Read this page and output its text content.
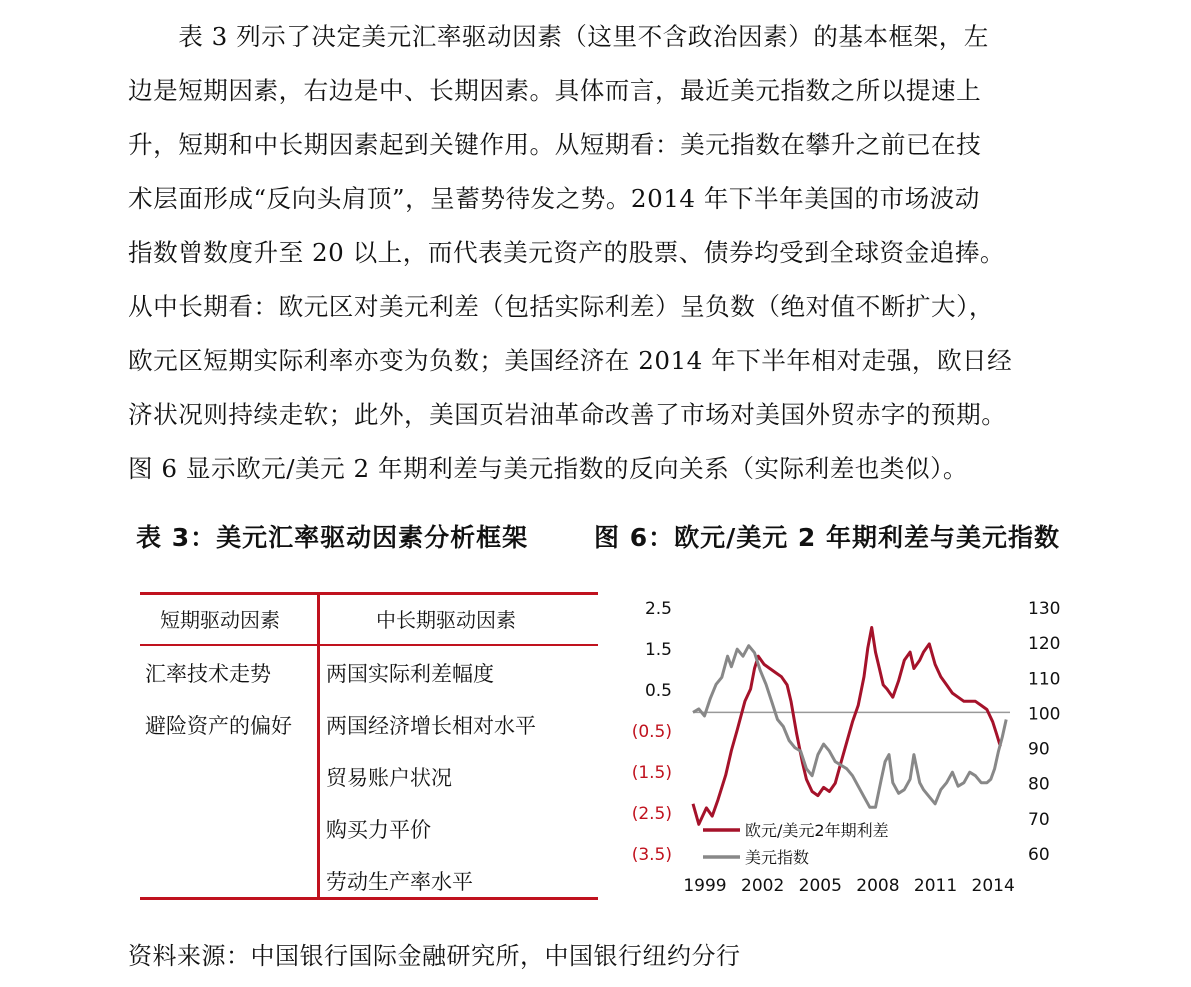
　　表 3 列示了决定美元汇率驱动因素（这里不含政治因素）的基本框架，左
边是短期因素，右边是中、长期因素。具体而言，最近美元指数之所以提速上
升，短期和中长期因素起到关键作用。从短期看：美元指数在攀升之前已在技
术层面形成“反向头肩顶”，呈蓄势待发之势。2014 年下半年美国的市场波动
指数曾数度升至 20 以上，而代表美元资产的股票、债券均受到全球资金追捧。
从中长期看：欧元区对美元利差（包括实际利差）呈负数（绝对值不断扩大），
欧元区短期实际利率亦变为负数；美国经济在 2014 年下半年相对走强，欧日经
济状况则持续走软；此外，美国页岩油革命改善了市场对美国外贸赤字的预期。
图 6 显示欧元/美元 2 年期利差与美元指数的反向关系（实际利差也类似）。
表 3：美元汇率驱动因素分析框架	图 6：欧元/美元 2 年期利差与美元指数
短期驱动因素	中长期驱动因素
汇率技术走势
避险资产的偏好
两国实际利差幅度
两国经济增长相对水平
贸易账户状况
购买力平价
劳动生产率水平
2.5
1.5
0.5
(0.5)
(1.5)
(2.5)
(3.5)
130
120
110
100
90
80
70
60
1999 2002 2005 2008 2011 2014
欧元/美元2年期利差
美元指数
资料来源：中国银行国际金融研究所，中国银行纽约分行
